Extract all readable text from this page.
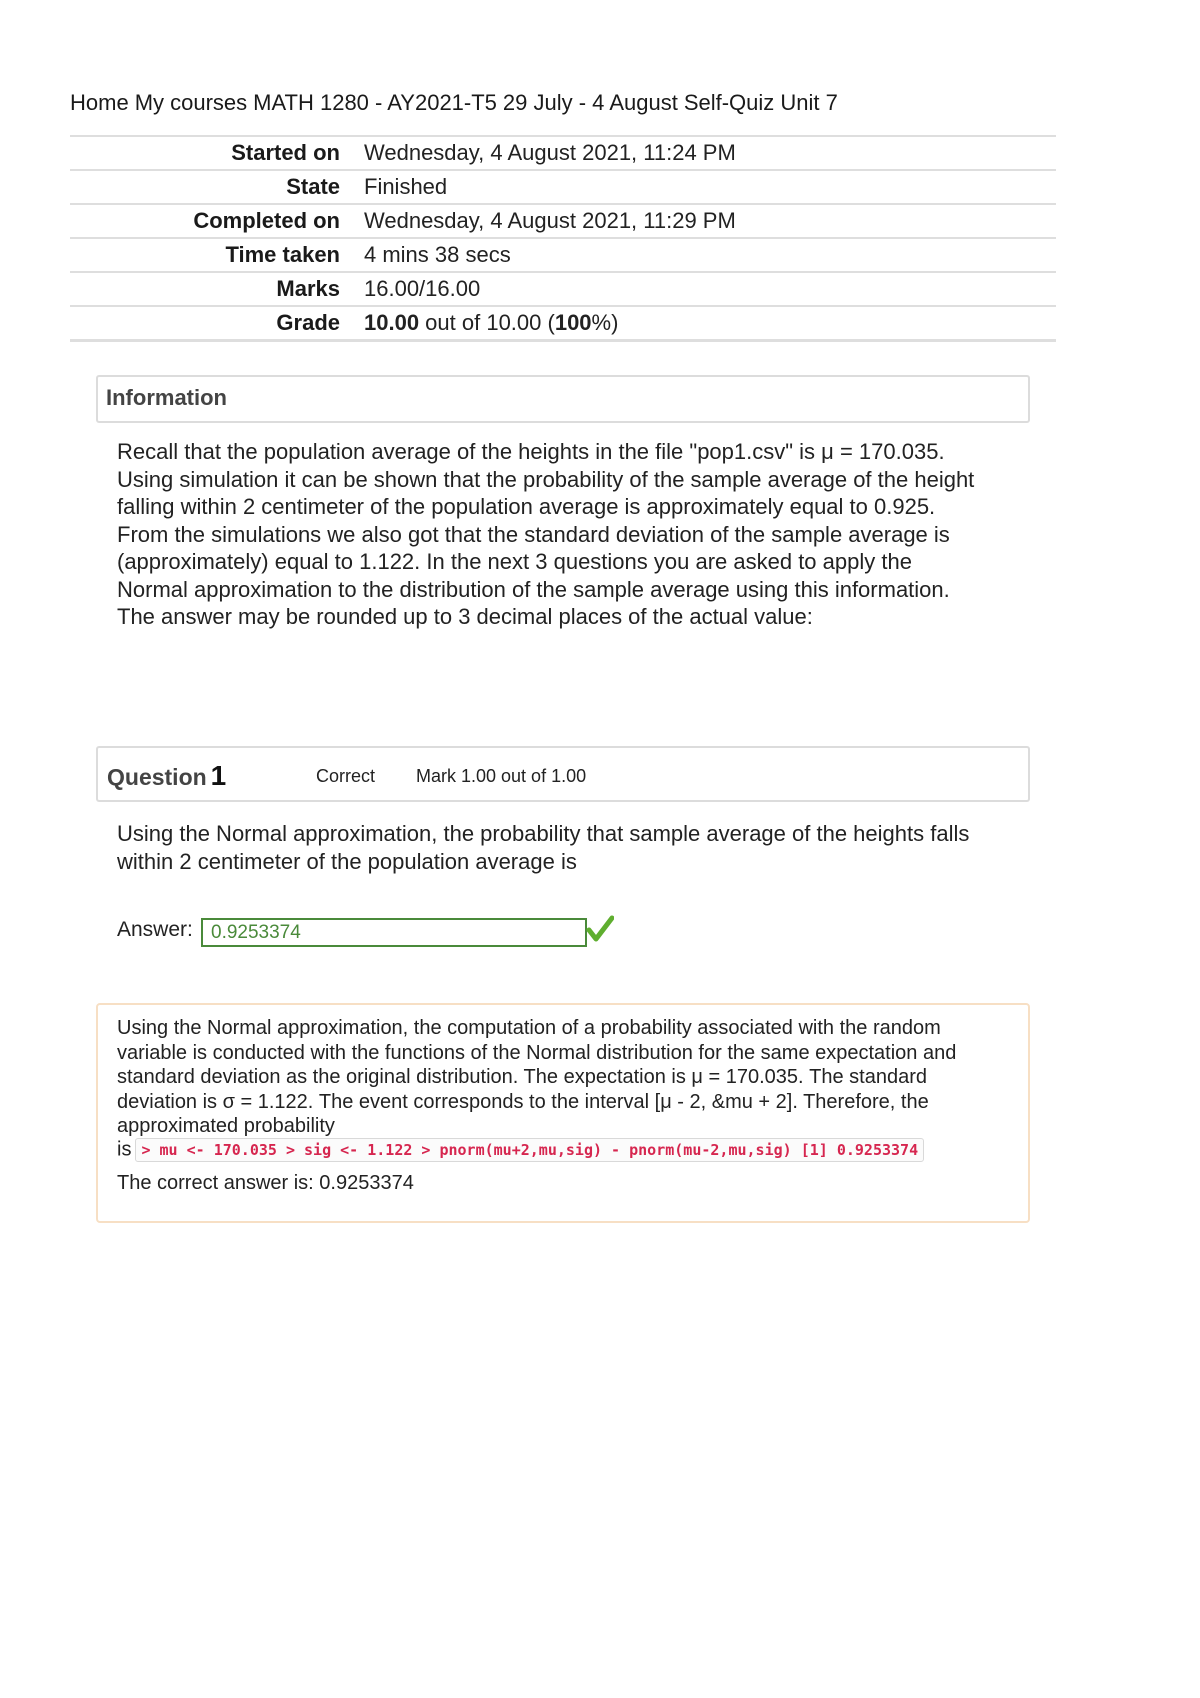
Home My courses MATH 1280 - AY2021-T5 29 July - 4 August Self-Quiz Unit 7
Started on	Wednesday, 4 August 2021, 11:24 PM
State	Finished
Completed on	Wednesday, 4 August 2021, 11:29 PM
Time taken	4 mins 38 secs
Marks	16.00/16.00
Grade	10.00 out of 10.00 (100%)
Information
Recall that the population average of the heights in the file "pop1.csv" is μ = 170.035. Using simulation it can be shown that the probability of the sample average of the height falling within 2 centimeter of the population average is approximately equal to 0.925. From the simulations we also got that the standard deviation of the sample average is (approximately) equal to 1.122. In the next 3 questions you are asked to apply the Normal approximation to the distribution of the sample average using this information. The answer may be rounded up to 3 decimal places of the actual value:
Question 1	Correct Mark 1.00 out of 1.00
Using the Normal approximation, the probability that sample average of the heights falls within 2 centimeter of the population average is
Answer: 0.9253374
Using the Normal approximation, the computation of a probability associated with the random variable is conducted with the functions of the Normal distribution for the same expectation and standard deviation as the original distribution. The expectation is μ = 170.035. The standard deviation is σ = 1.122. The event corresponds to the interval [μ - 2, &mu + 2]. Therefore, the approximated probability
is > mu <- 170.035 > sig <- 1.122 > pnorm(mu+2,mu,sig) - pnorm(mu-2,mu,sig) [1] 0.9253374
The correct answer is: 0.9253374
